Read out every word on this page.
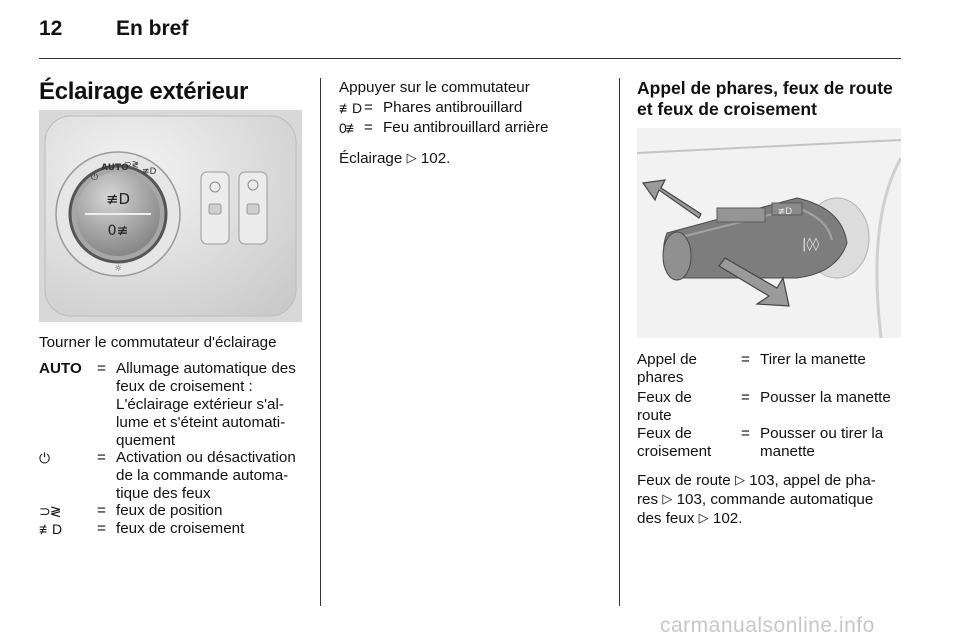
12	En bref
Éclairage extérieur
≢D
0≢
⏻
AUTO
⊃≷
≢D
☼
Tourner le commutateur d'éclairage
AUTO = Allumage automatique des
feux de croisement :
L'éclairage extérieur s'al-
lume et s'éteint automati-
quement
⏻	= Activation ou désactivation
de la commande automa-
tique des feux
⊃≷ = feux de position
≢D = feux de croisement
Appuyer sur le commutateur
≢D = Phares antibrouillard
0≢ = Feu antibrouillard arrière
Éclairage ▷ 102.
Appel de phares, feux de route
et feux de croisement
≢D
|◊◊
Appel de
phares
= Tirer la manette
Feux de
route
= Pousser la manette
Feux de
croisement
= Pousser ou tirer la
manette
Feux de route ▷ 103, appel de pha-
res ▷ 103, commande automatique
des feux ▷ 102.
carmanualsonline.info
